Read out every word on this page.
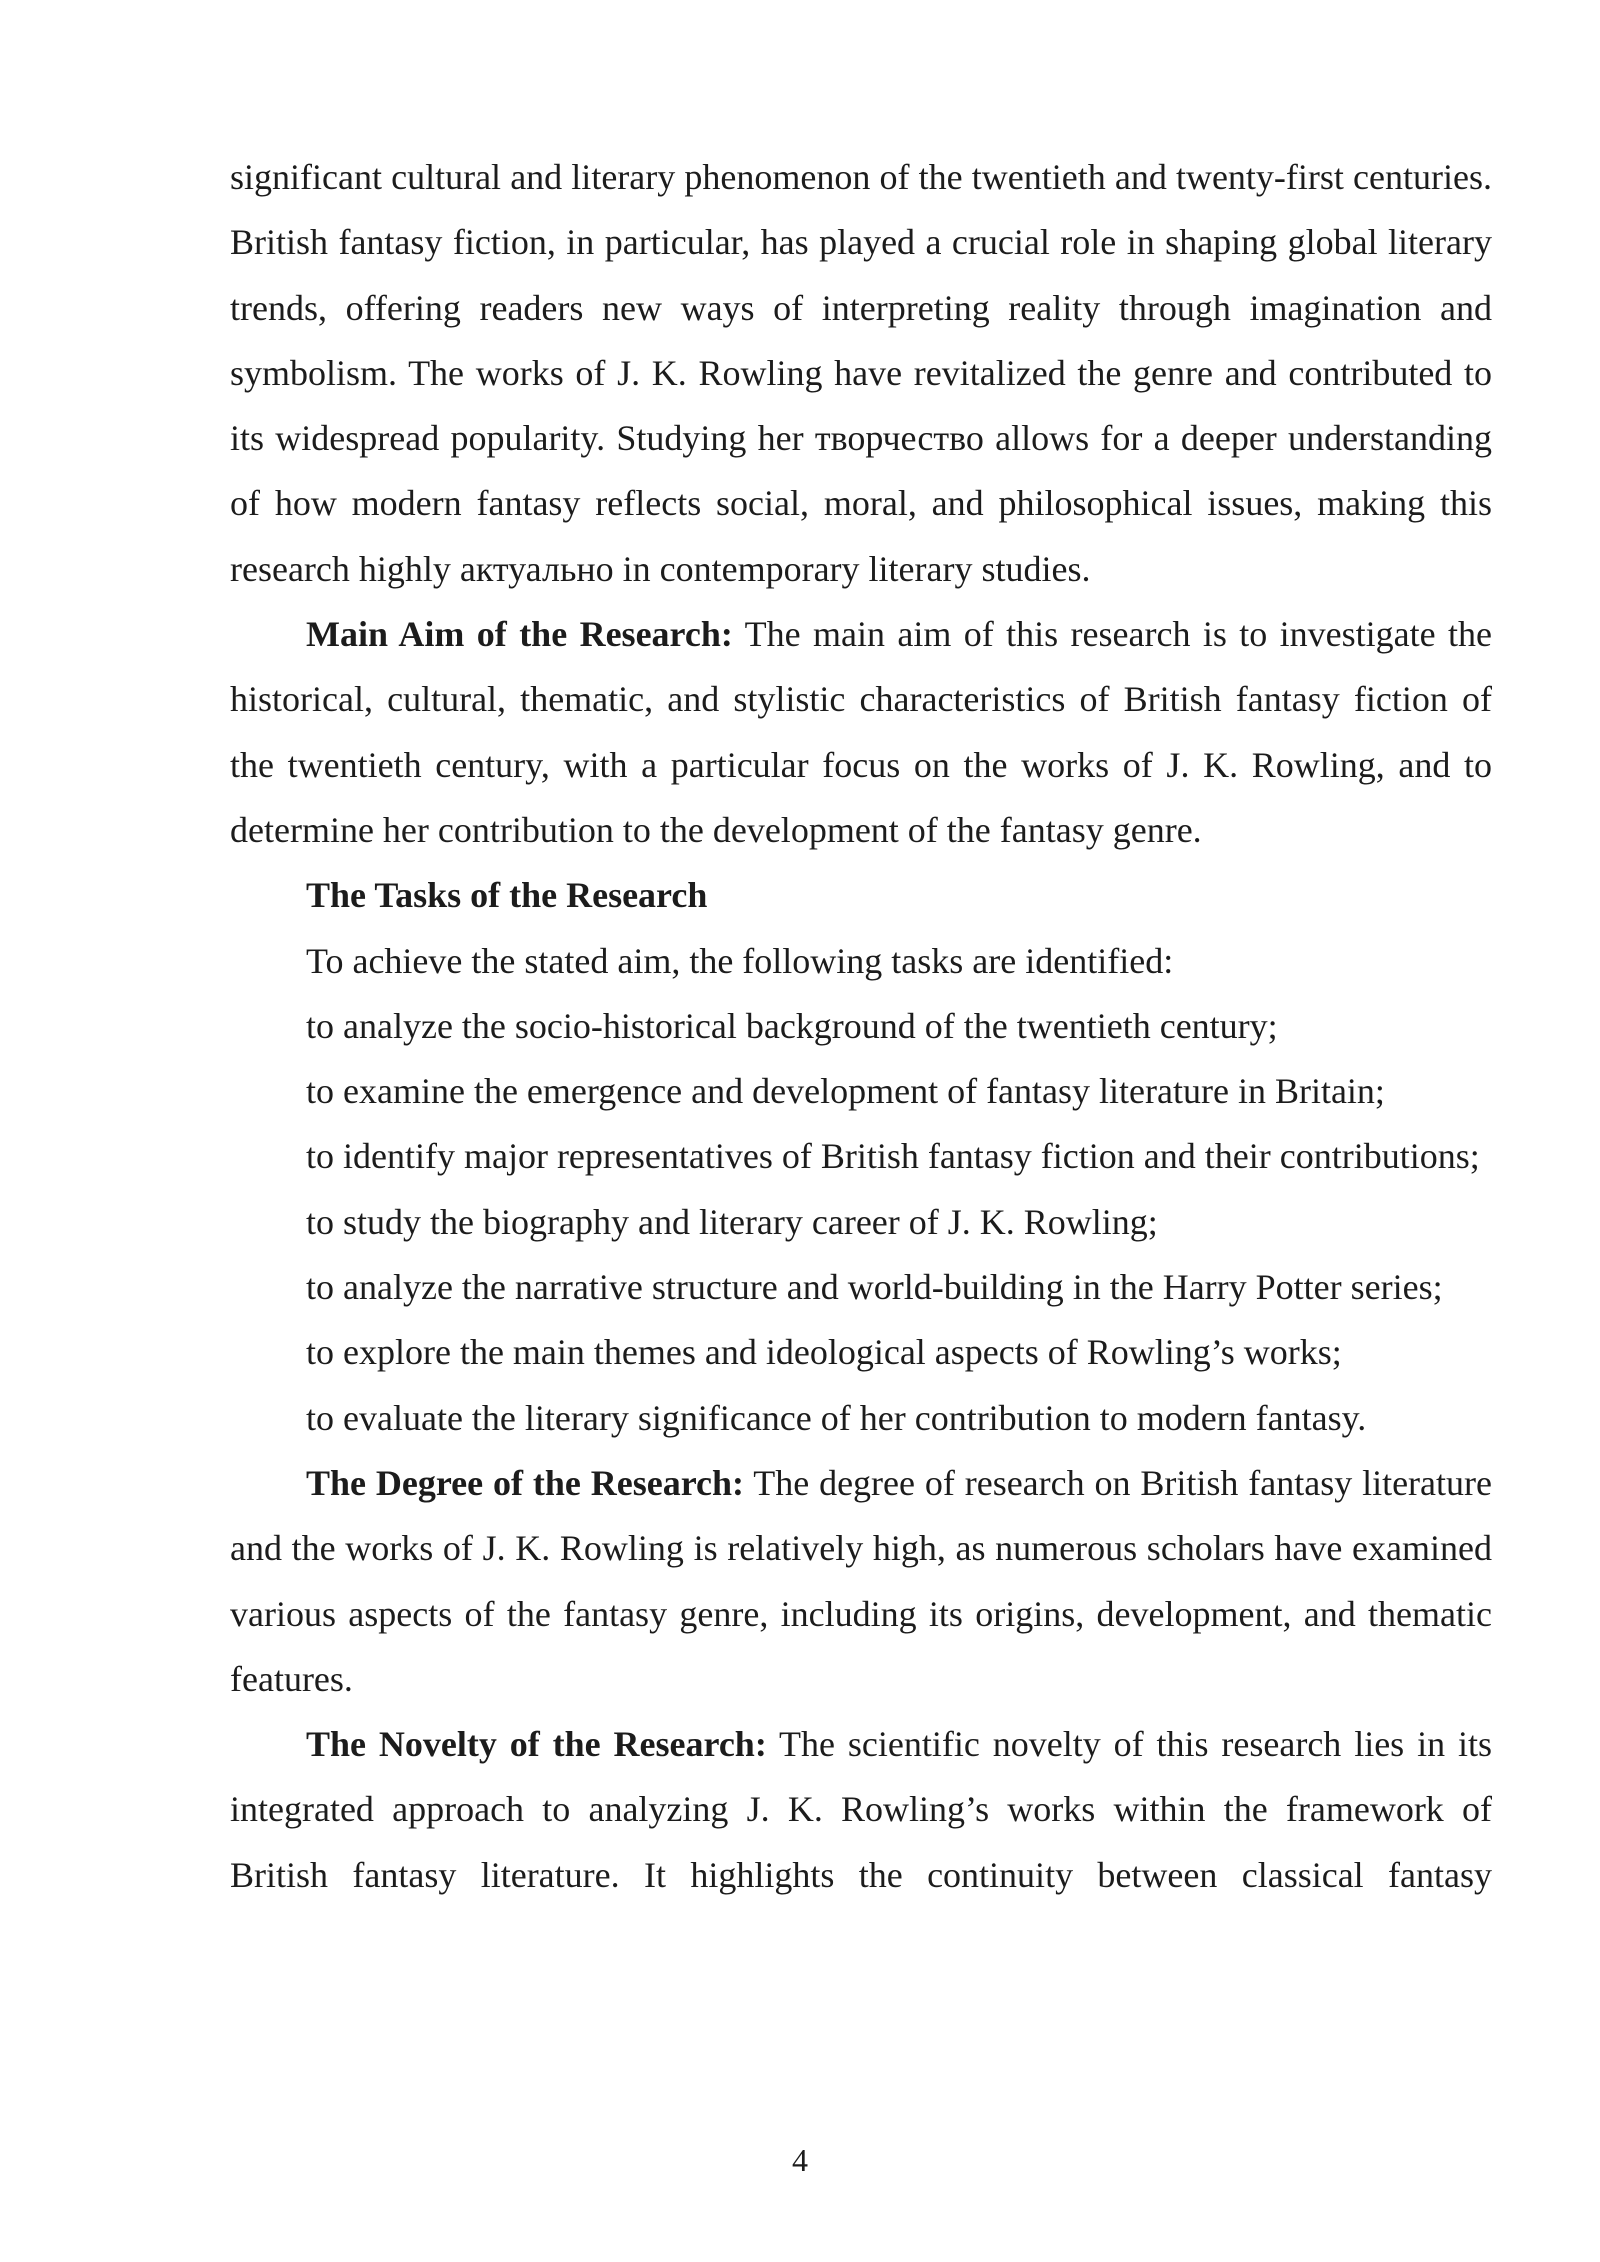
significant cultural and literary phenomenon of the twentieth and twenty-first centuries. British fantasy fiction, in particular, has played a crucial role in shaping global literary trends, offering readers new ways of interpreting reality through imagination and symbolism. The works of J. K. Rowling have revitalized the genre and contributed to its widespread popularity. Studying her творчество allows for a deeper understanding of how modern fantasy reflects social, moral, and philosophical issues, making this research highly актуально in contemporary literary studies.

Main Aim of the Research: The main aim of this research is to investigate the historical, cultural, thematic, and stylistic characteristics of British fantasy fiction of the twentieth century, with a particular focus on the works of J. K. Rowling, and to determine her contribution to the development of the fantasy genre.

The Tasks of the Research

To achieve the stated aim, the following tasks are identified:

to analyze the socio-historical background of the twentieth century;

to examine the emergence and development of fantasy literature in Britain;

to identify major representatives of British fantasy fiction and their contributions;

to study the biography and literary career of J. K. Rowling;

to analyze the narrative structure and world-building in the Harry Potter series;

to explore the main themes and ideological aspects of Rowling’s works;

to evaluate the literary significance of her contribution to modern fantasy.

The Degree of the Research: The degree of research on British fantasy literature and the works of J. K. Rowling is relatively high, as numerous scholars have examined various aspects of the fantasy genre, including its origins, development, and thematic features.

The Novelty of the Research: The scientific novelty of this research lies in its integrated approach to analyzing J. K. Rowling’s works within the framework of British fantasy literature. It highlights the continuity between classical fantasy

4
